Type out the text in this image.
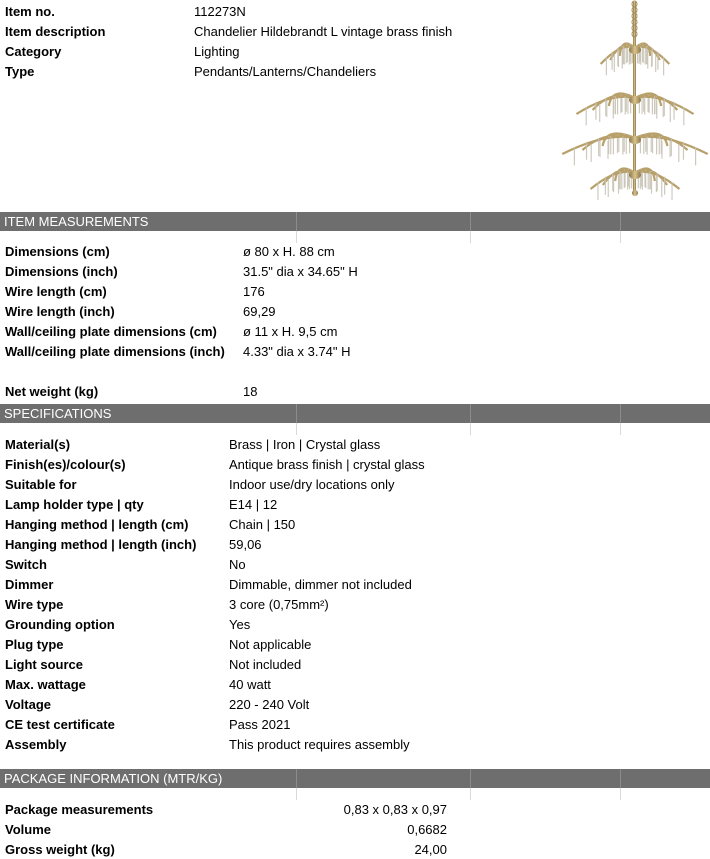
Item no.	112273N
Item description	Chandelier Hildebrandt L vintage brass finish
Category	Lighting
Type	Pendants/Lanterns/Chandeliers
ITEM MEASUREMENTS
Dimensions (cm)	ø 80 x H. 88 cm
Dimensions (inch)	31.5" dia x 34.65" H
Wire length (cm)	176
Wire length (inch)	69,29
Wall/ceiling plate dimensions (cm) ø 11 x H. 9,5 cm
Wall/ceiling plate dimensions (inch) 4.33" dia x 3.74" H
Net weight (kg)	18
SPECIFICATIONS
Material(s)	Brass | Iron | Crystal glass
Finish(es)/colour(s)	Antique brass finish | crystal glass
Suitable for	Indoor use/dry locations only
Lamp holder type | qty	E14 | 12
Hanging method | length (cm)	Chain | 150
Hanging method | length (inch)	59,06
Switch	No
Dimmer	Dimmable, dimmer not included
Wire type	3 core (0,75mm²)
Grounding option	Yes
Plug type	Not applicable
Light source	Not included
Max. wattage	40 watt
Voltage	220 - 240 Volt
CE test certificate	Pass 2021
Assembly	This product requires assembly
PACKAGE INFORMATION (MTR/KG)
Package measurements	0,83 x 0,83 x 0,97
Volume	0,6682
Gross weight (kg)	24,00
